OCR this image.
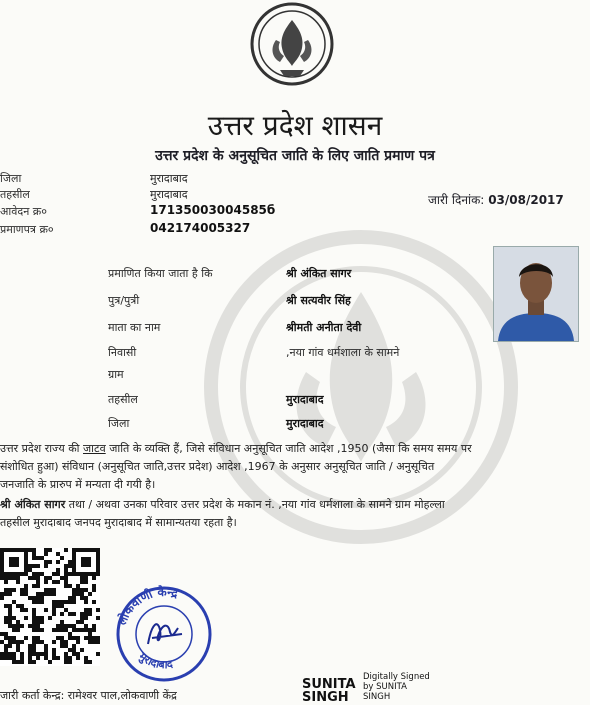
उत्तर प्रदेश शासन
उत्तर प्रदेश के अनुसूचित जाति के लिए जाति प्रमाण पत्र
जिला	मुरादाबाद
तहसील	मुरादाबाद
आवेदन क्र०	17135003004585б
प्रमाणपत्र क्र०	042174005327
जारी दिनांक: 03/08/2017
प्रमाणित किया जाता है कि	श्री अंकित सागर
पुत्र/पुत्री	श्री सत्यवीर सिंह
माता का नाम	श्रीमती अनीता देवी
निवासी	,नया गांव धर्मशाला के सामने
ग्राम
तहसील	मुरादाबाद
जिला	मुरादाबाद
उत्तर प्रदेश राज्य की जाटव जाति के व्यक्ति हैं, जिसे संविधान अनुसूचित जाति आदेश ,1950 (जैसा कि समय समय पर
संशोधित हुआ) संविधान (अनुसूचित जाति,उत्तर प्रदेश) आदेश ,1967 के अनुसार अनुसूचित जाति / अनुसूचित
जनजाति के प्रारुप में मन्यता दी गयी है।
श्री अंकित सागर तथा / अथवा उनका परिवार उत्तर प्रदेश के मकान नं. ,नया गांव धर्मशाला के सामने ग्राम मोहल्ला
तहसील मुरादाबाद जनपद मुरादाबाद में सामान्यतया रहता है।
लोकवाणी केन्द्र
मुरादाबाद
जारी कर्ता केन्द्र: रामेश्वर पाल,लोकवाणी केंद्र
SUNITA
SINGH
Digitally Signed
by SUNITA
SINGH
